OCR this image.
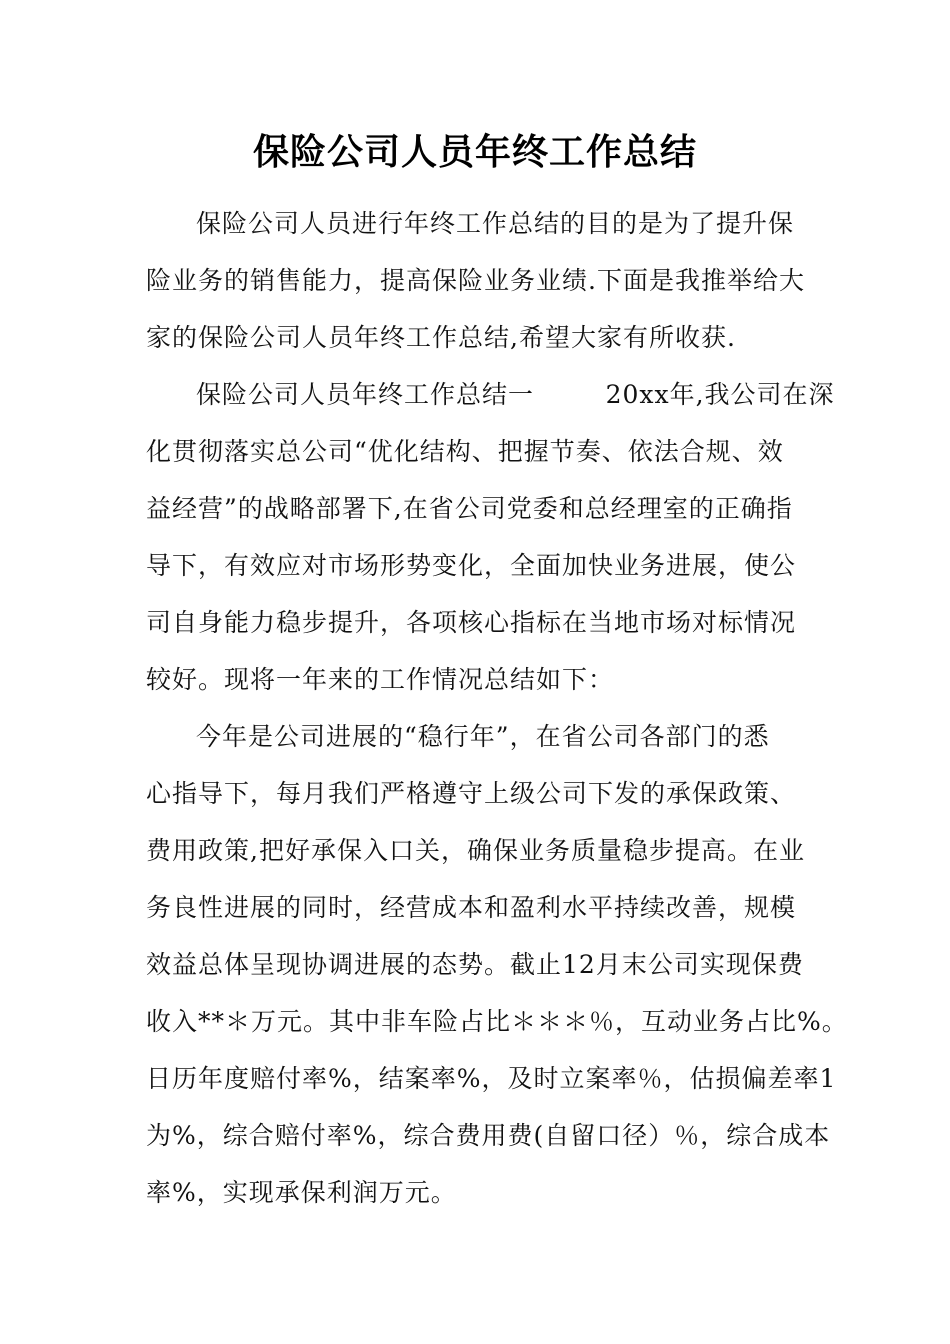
保险公司人员年终工作总结
保险公司人员进行年终工作总结的目的是为了提升保
险业务的销售能力，提高保险业务业绩.下面是我推举给大
家的保险公司人员年终工作总结,希望大家有所收获.
保险公司人员年终工作总结一        20xx年,我公司在深
化贯彻落实总公司“优化结构、把握节奏、依法合规、效
益经营”的战略部署下,在省公司党委和总经理室的正确指
导下，有效应对市场形势变化，全面加快业务进展，使公
司自身能力稳步提升，各项核心指标在当地市场对标情况
较好。现将一年来的工作情况总结如下：
今年是公司进展的“稳行年”，在省公司各部门的悉
心指导下，每月我们严格遵守上级公司下发的承保政策、
费用政策,把好承保入口关，确保业务质量稳步提高。在业
务良性进展的同时，经营成本和盈利水平持续改善，规模
效益总体呈现协调进展的态势。截止12月末公司实现保费
收入**＊万元。其中非车险占比＊＊＊％，互动业务占比%。
日历年度赔付率%，结案率%，及时立案率％，估损偏差率1
为%，综合赔付率%，综合费用费(自留口径）％，综合成本
率%，实现承保利润万元。
